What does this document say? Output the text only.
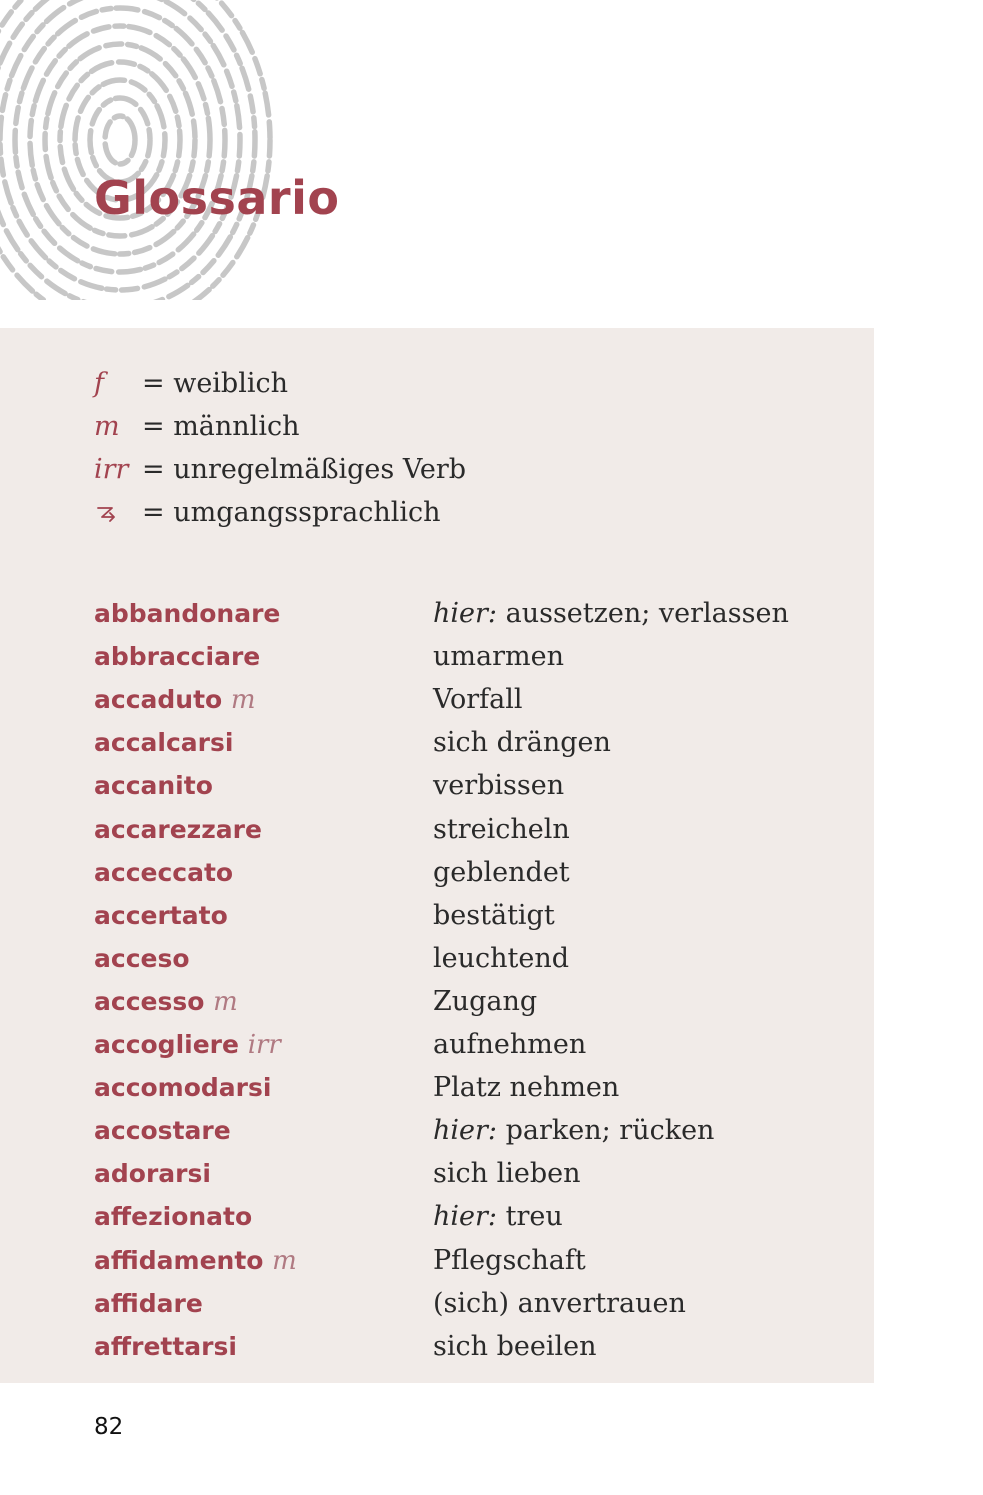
Glossario
f = weiblich
m = männlich
irr = unregelmäßiges Verb
= umgangssprachlich
abbandonare	hier: aussetzen; verlassen
abbracciare	umarmen
accaduto m	Vorfall
accalcarsi	sich drängen
accanito	verbissen
accarezzare	streicheln
acceccato	geblendet
accertato	bestätigt
acceso	leuchtend
accesso m	Zugang
accogliere irr	aufnehmen
accomodarsi	Platz nehmen
accostare	hier: parken; rücken
adorarsi	sich lieben
affezionato	hier: treu
affidamento m	Pflegschaft
affidare	(sich) anvertrauen
affrettarsi	sich beeilen
82
